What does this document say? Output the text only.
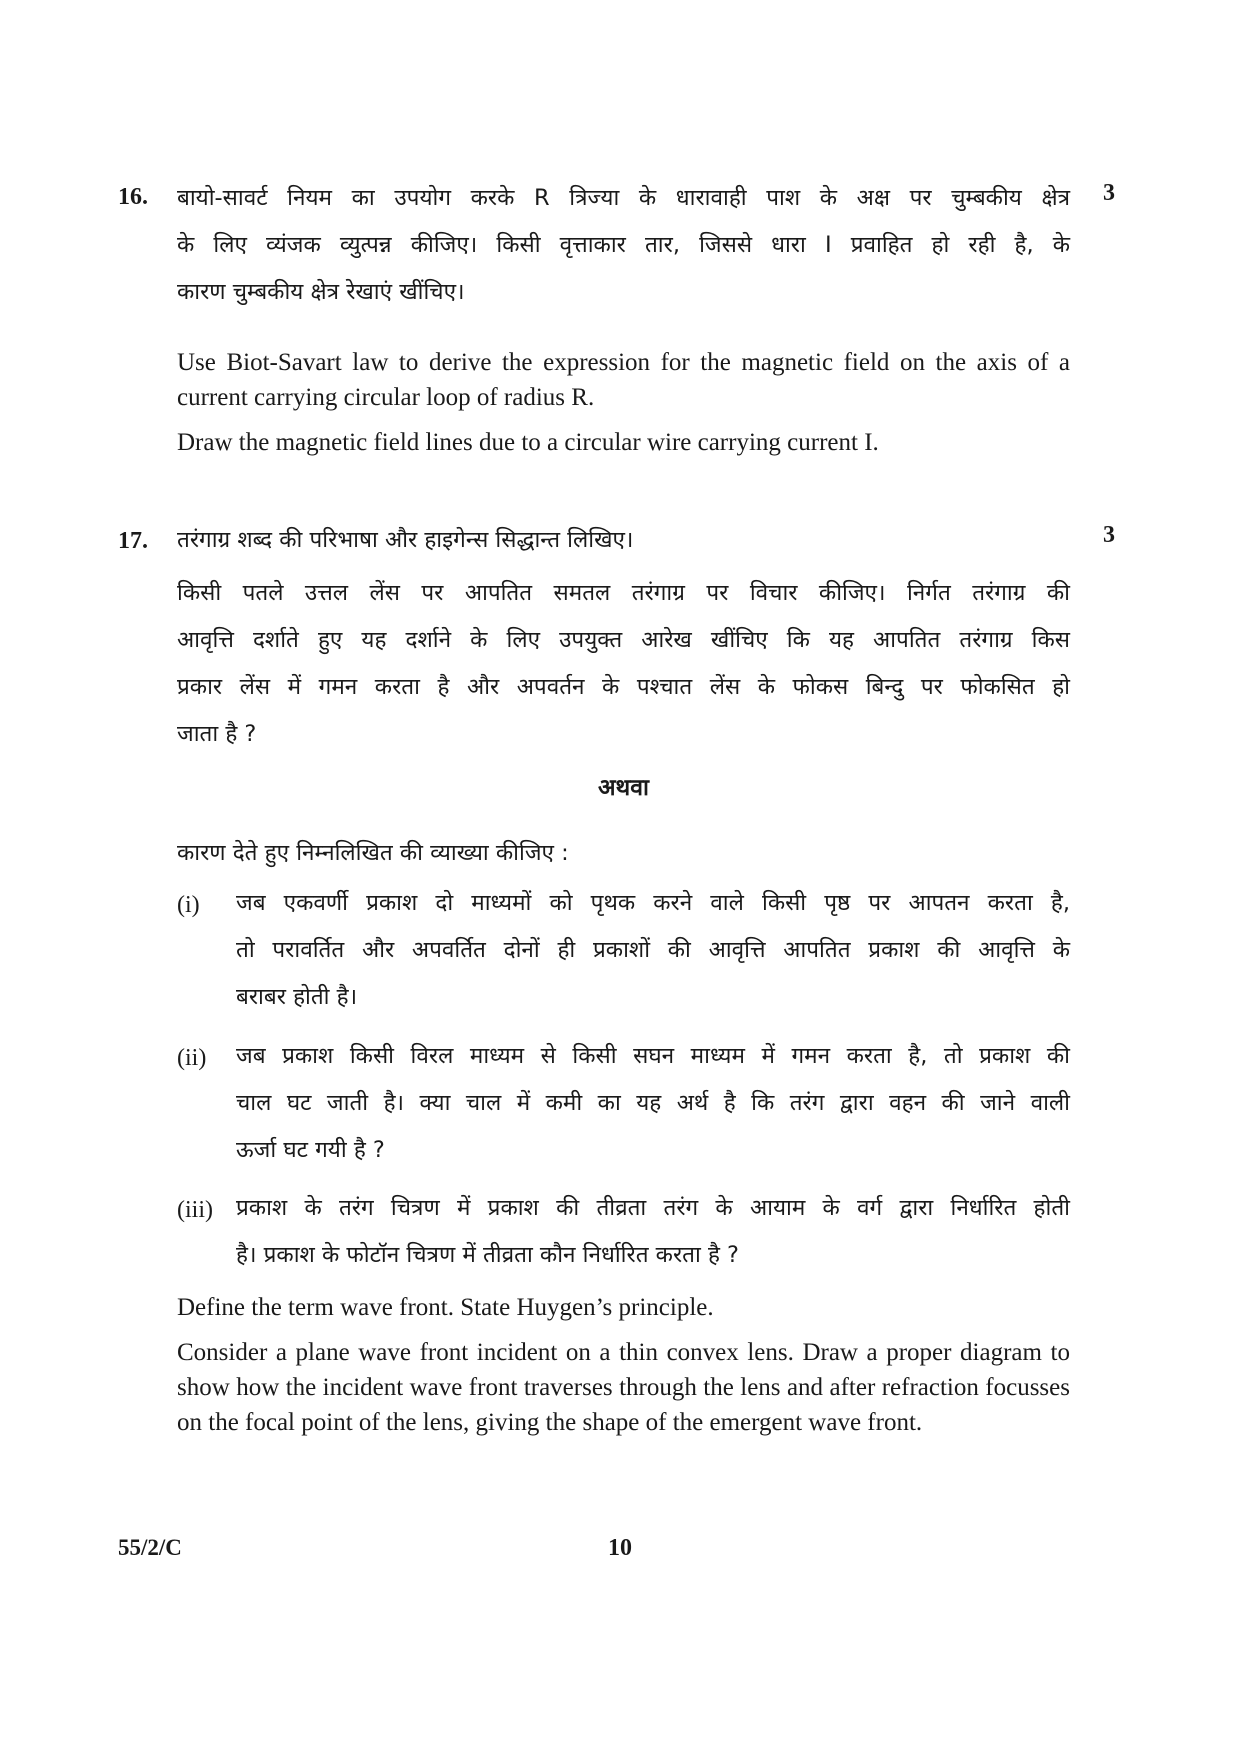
16.	3
बायो-सावर्ट नियम का उपयोग करके R त्रिज्या के धारावाही पाश के अक्ष पर चुम्बकीय क्षेत्र
के लिए व्यंजक व्युत्पन्न कीजिए। किसी वृत्ताकार तार, जिससे धारा I प्रवाहित हो रही है, के
कारण चुम्बकीय क्षेत्र रेखाएं खींचिए।
Use Biot-Savart law to derive the expression for the magnetic field on the axis of a current carrying circular loop of radius R.
Draw the magnetic field lines due to a circular wire carrying current I.
17.	3
तरंगाग्र शब्द की परिभाषा और हाइगेन्स सिद्धान्त लिखिए।
किसी पतले उत्तल लेंस पर आपतित समतल तरंगाग्र पर विचार कीजिए। निर्गत तरंगाग्र की
आवृत्ति दर्शाते हुए यह दर्शाने के लिए उपयुक्त आरेख खींचिए कि यह आपतित तरंगाग्र किस
प्रकार लेंस में गमन करता है और अपवर्तन के पश्चात लेंस के फोकस बिन्दु पर फोकसित हो
जाता है ?
अथवा
कारण देते हुए निम्नलिखित की व्याख्या कीजिए :
(i) जब एकवर्णी प्रकाश दो माध्यमों को पृथक करने वाले किसी पृष्ठ पर आपतन करता है,
तो परावर्तित और अपवर्तित दोनों ही प्रकाशों की आवृत्ति आपतित प्रकाश की आवृत्ति के
बराबर होती है।
(ii) जब प्रकाश किसी विरल माध्यम से किसी सघन माध्यम में गमन करता है, तो प्रकाश की
चाल घट जाती है। क्या चाल में कमी का यह अर्थ है कि तरंग द्वारा वहन की जाने वाली
ऊर्जा घट गयी है ?
(iii) प्रकाश के तरंग चित्रण में प्रकाश की तीव्रता तरंग के आयाम के वर्ग द्वारा निर्धारित होती
है। प्रकाश के फोटॉन चित्रण में तीव्रता कौन निर्धारित करता है ?
Define the term wave front. State Huygen’s principle.
Consider a plane wave front incident on a thin convex lens. Draw a proper diagram to show how the incident wave front traverses through the lens and after refraction focusses on the focal point of the lens, giving the shape of the emergent wave front.
55/2/C	10
